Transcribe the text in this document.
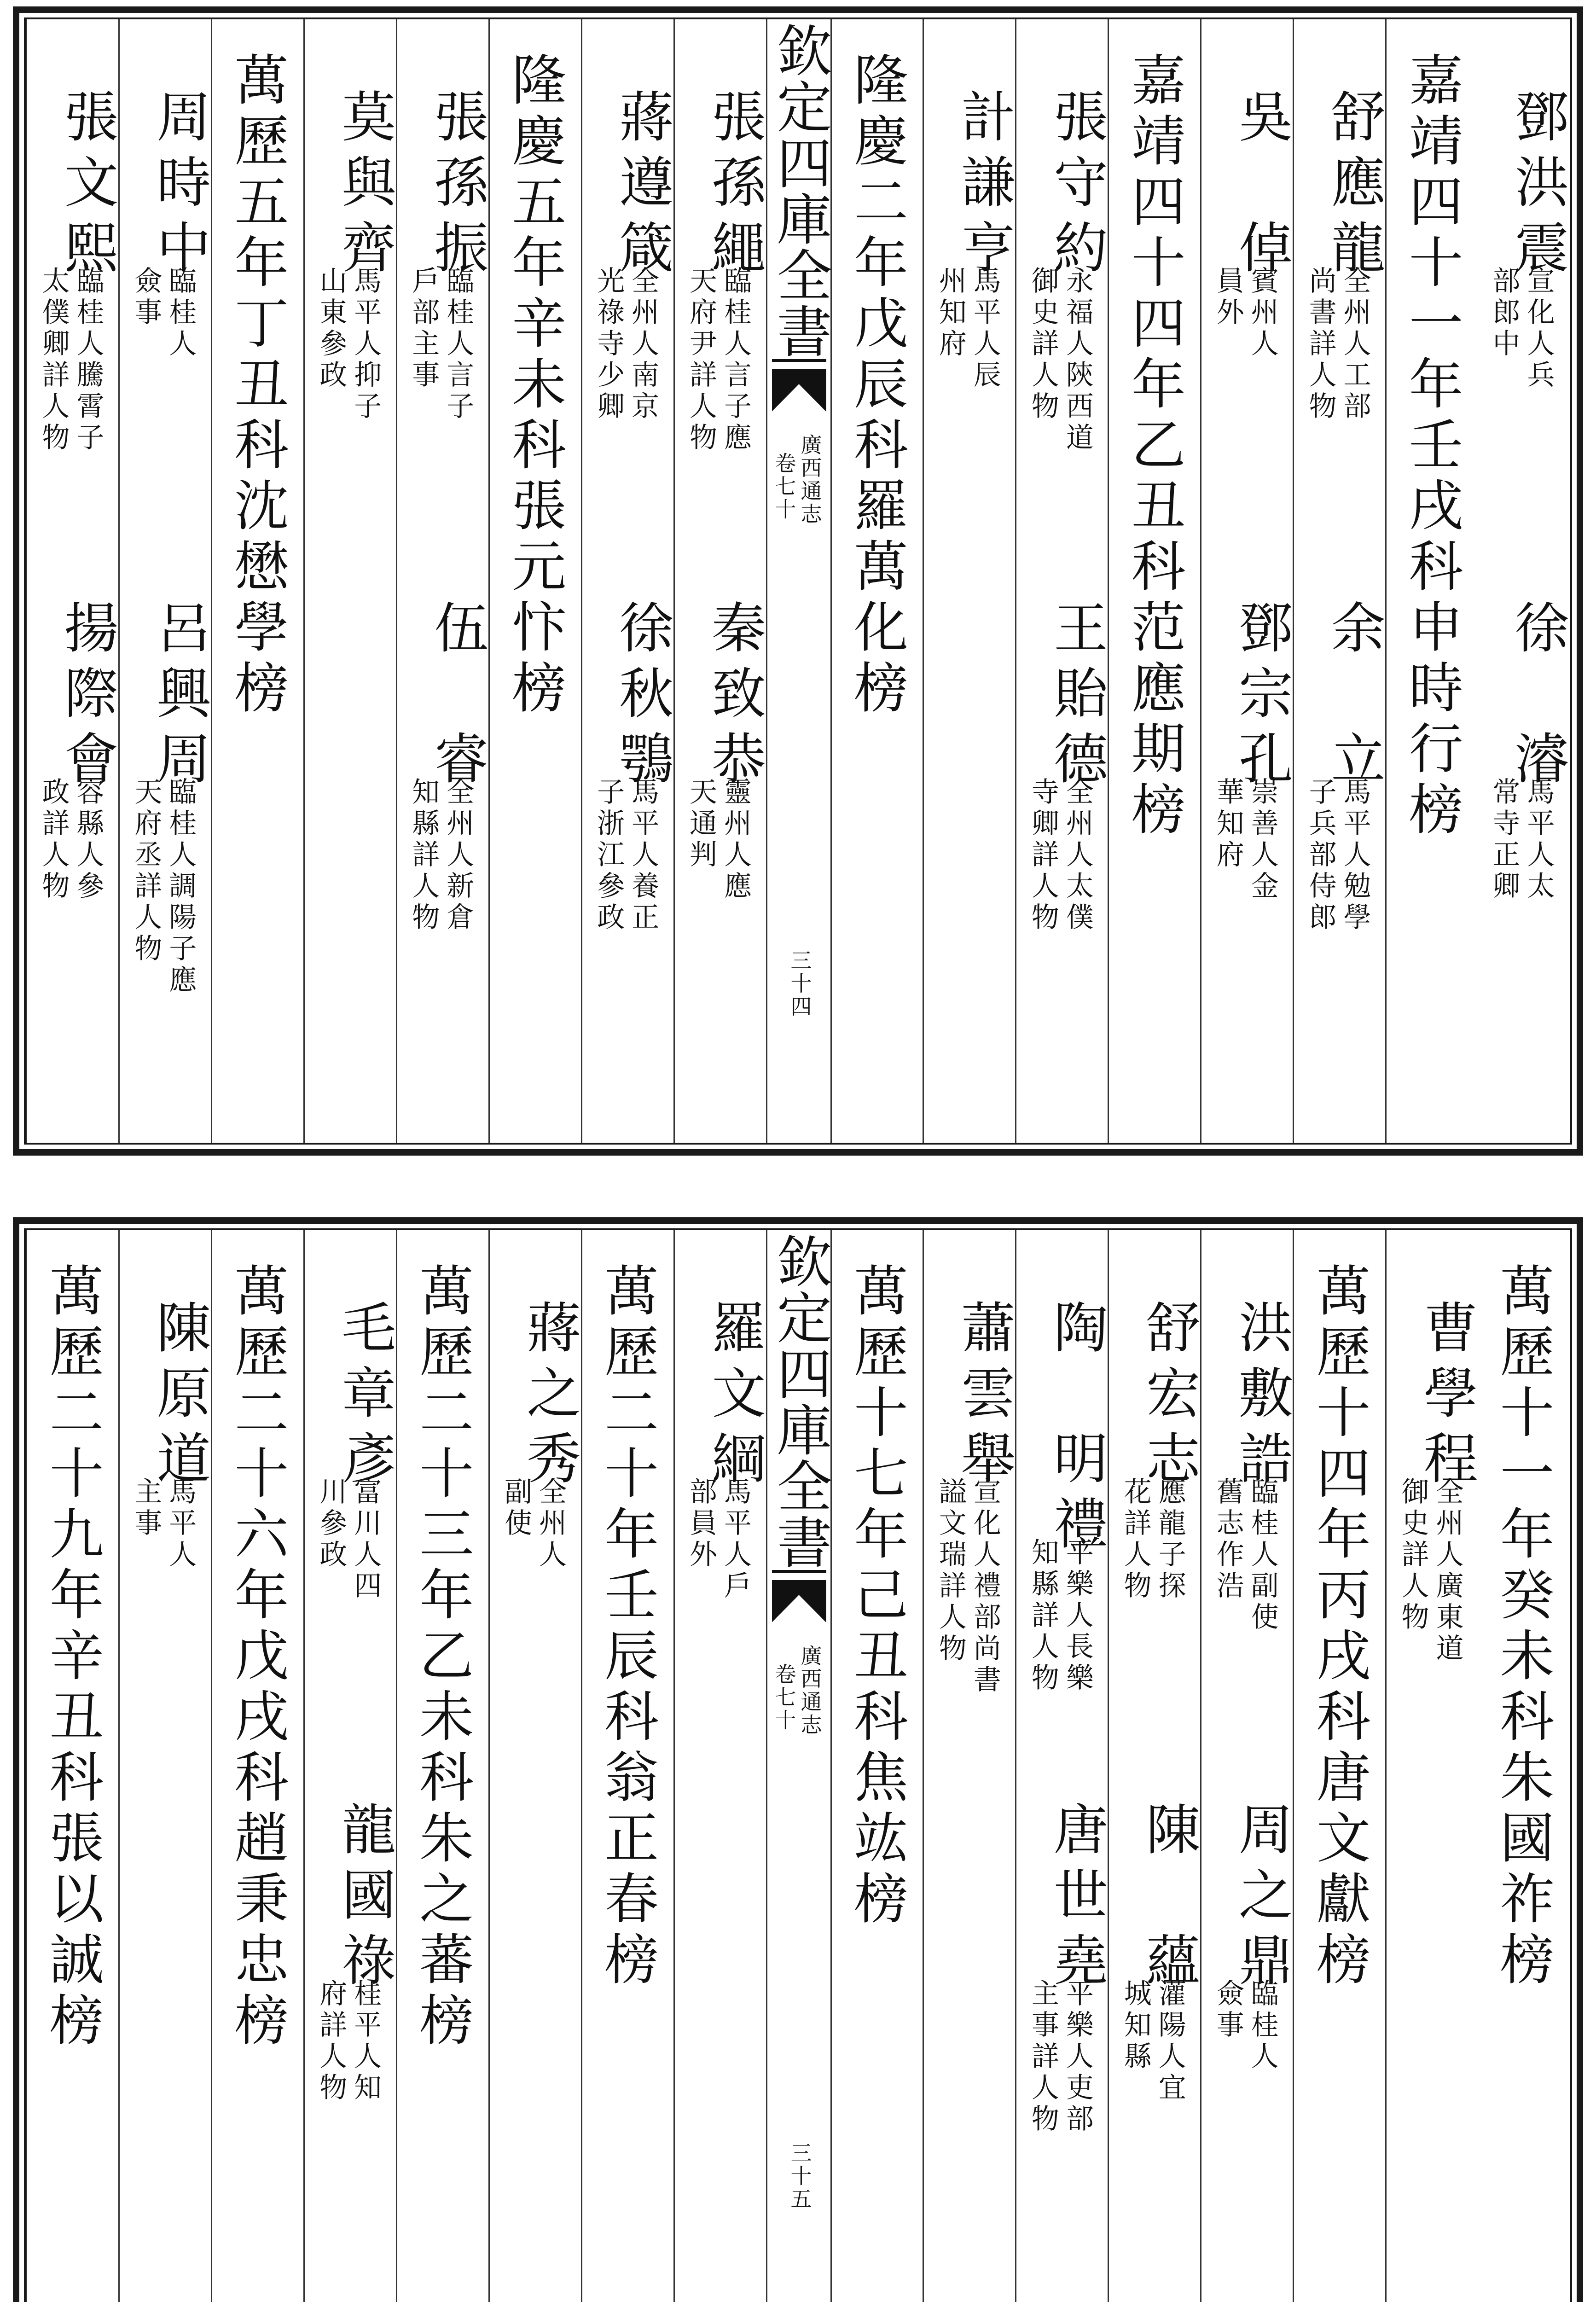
鄧洪震
宣化人兵
部郎中
徐　濬
馬平人太
常寺正卿
嘉靖四十一年壬戌科申時行榜
舒應龍
全州人工部
尚書詳人物
余　立
馬平人勉學
子兵部侍郎
吳　倬
賓州人
員外
鄧宗孔
崇善人金
華知府
嘉靖四十四年乙丑科范應期榜
張守約
永福人陝西道
御史詳人物
王貽德
全州人太僕
寺卿詳人物
計謙亨
馬平人辰
州知府
隆慶二年戊辰科羅萬化榜
欽定四庫全書
廣西通志
卷七十
三十四
張孫繩
臨桂人言子應
天府尹詳人物
秦致恭
靈州人應
天通判
蔣遵箴
全州人南京
光祿寺少卿
徐秋鶚
馬平人養正
子浙江參政
隆慶五年辛未科張元忭榜
張孫振
臨桂人言子
戶部主事
伍　睿
全州人新倉
知縣詳人物
莫與齊
馬平人抑子
山東參政
萬歷五年丁丑科沈懋學榜
周時中
臨桂人
僉事
呂興周
臨桂人調陽子應
天府丞詳人物
張文熙
臨桂人騰霄子
太僕卿詳人物
揚際會
容縣人參
政詳人物
萬歷十一年癸未科朱國祚榜
曹學程
全州人廣東道
御史詳人物
萬歷十四年丙戌科唐文獻榜
洪敷誥
臨桂人副使
舊志作浩
周之鼎
臨桂人
僉事
舒宏志
應龍子探
花詳人物
陳　蘊
灌陽人宜
城知縣
陶　明禮
平樂人長樂
知縣詳人物
唐世堯
平樂人吏部
主事詳人物
蕭雲舉
宣化人禮部尚書
謚文瑞詳人物
萬歷十七年己丑科焦竑榜
欽定四庫全書
廣西通志
卷七十
三十五
羅文綱
馬平人戶
部員外
萬歷二十年壬辰科翁正春榜
蔣之秀
全州人
副使
萬歷二十三年乙未科朱之蕃榜
毛章彥
富川人四
川參政
龍國祿
桂平人知
府詳人物
萬歷二十六年戊戌科趙秉忠榜
陳原道
馬平人
主事
萬歷二十九年辛丑科張以誠榜
